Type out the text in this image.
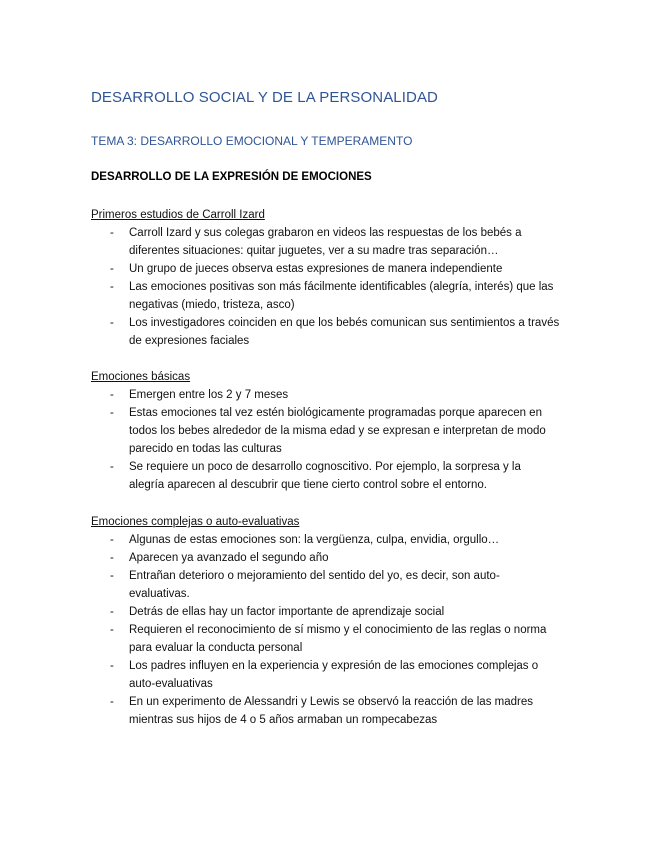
DESARROLLO SOCIAL Y DE LA PERSONALIDAD
TEMA 3: DESARROLLO EMOCIONAL Y TEMPERAMENTO
DESARROLLO DE LA EXPRESIÓN DE EMOCIONES
Primeros estudios de Carroll Izard
- Carroll Izard y sus colegas grabaron en videos las respuestas de los bebés a
diferentes situaciones: quitar juguetes, ver a su madre tras separación…
- Un grupo de jueces observa estas expresiones de manera independiente
- Las emociones positivas son más fácilmente identificables (alegría, interés) que las
negativas (miedo, tristeza, asco)
- Los investigadores coinciden en que los bebés comunican sus sentimientos a través
de expresiones faciales
Emociones básicas
- Emergen entre los 2 y 7 meses
- Estas emociones tal vez estén biológicamente programadas porque aparecen en
todos los bebes alrededor de la misma edad y se expresan e interpretan de modo
parecido en todas las culturas
- Se requiere un poco de desarrollo cognoscitivo. Por ejemplo, la sorpresa y la
alegría aparecen al descubrir que tiene cierto control sobre el entorno.
Emociones complejas o auto-evaluativas
- Algunas de estas emociones son: la vergüenza, culpa, envidia, orgullo…
- Aparecen ya avanzado el segundo año
- Entrañan deterioro o mejoramiento del sentido del yo, es decir, son auto-
evaluativas.
- Detrás de ellas hay un factor importante de aprendizaje social
- Requieren el reconocimiento de sí mismo y el conocimiento de las reglas o norma
para evaluar la conducta personal
- Los padres influyen en la experiencia y expresión de las emociones complejas o
auto-evaluativas
- En un experimento de Alessandri y Lewis se observó la reacción de las madres
mientras sus hijos de 4 o 5 años armaban un rompecabezas
